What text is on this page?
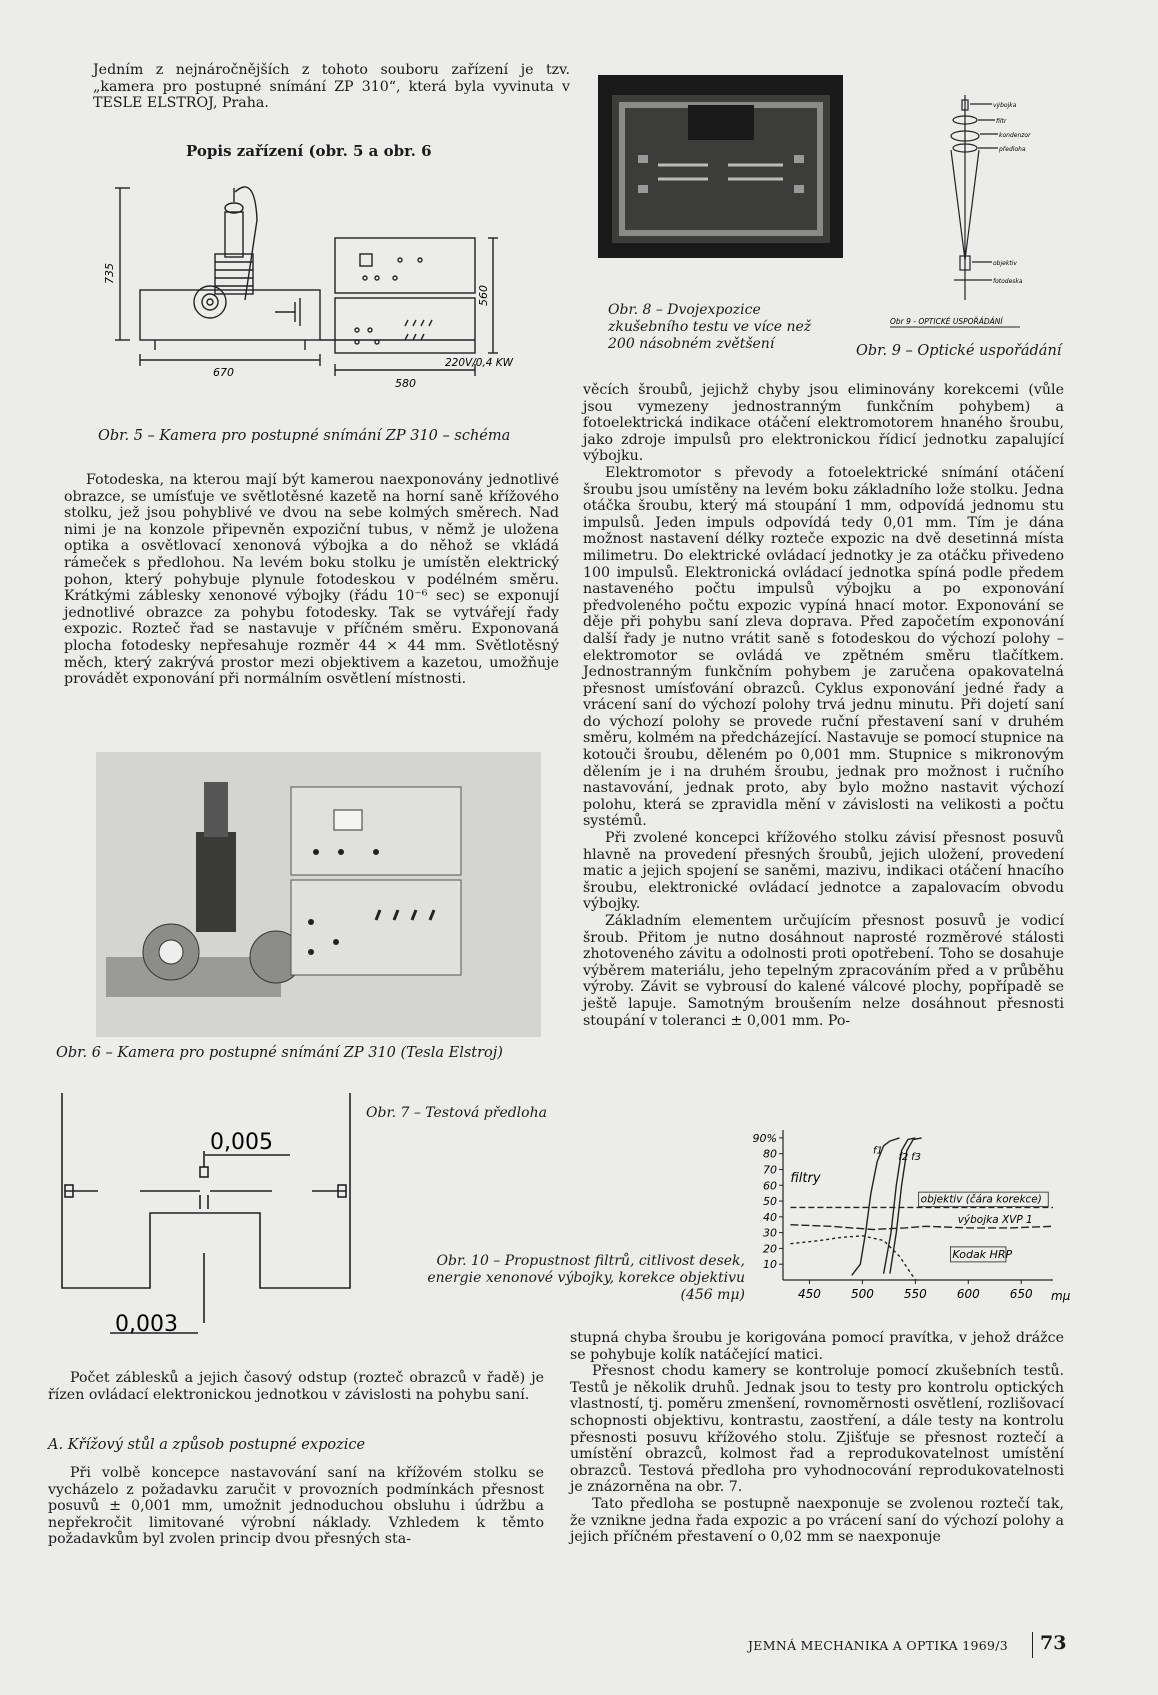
Jedním z nejnáročnějších z tohoto souboru zařízení je tzv. „kamera pro postupné snímání ZP 310“, která byla vyvinuta v TESLE ELSTROJ, Praha.

Popis zařízení (obr. 5 a obr. 6
735
560
670
580
220V/0,4 KW
Obr. 5 – Kamera pro postupné snímání ZP 310 – schéma

Fotodeska, na kterou mají být kamerou naexponovány jednotlivé obrazce, se umísťuje ve světlotěsné kazetě na horní saně křížového stolku, jež jsou pohyblivé ve dvou na sebe kolmých směrech. Nad nimi je na konzole připevněn expoziční tubus, v němž je uložena optika a osvětlovací xenonová výbojka a do něhož se vkládá rámeček s předlohou. Na levém boku stolku je umístěn elektrický pohon, který pohybuje plynule fotodeskou v podélném směru. Krátkými záblesky xenonové výbojky (řádu 10⁻⁶ sec) se exponují jednotlivé obrazce za pohybu fotodesky. Tak se vytvářejí řady expozic. Rozteč řad se nastavuje v příčném směru. Exponovaná plocha fotodesky nepřesahuje rozměr 44 × 44 mm. Světlotěsný měch, který zakrývá prostor mezi objektivem a kazetou, umožňuje provádět exponování při normálním osvětlení místnosti.

Obr. 6 – Kamera pro postupné snímání ZP 310 (Tesla Elstroj)
0,005
0,003
Obr. 7 – Testová předloha

Počet záblesků a jejich časový odstup (rozteč obrazců v řadě) je řízen ovládací elektronickou jednotkou v závislosti na pohybu saní.

A. Křížový stůl a způsob postupné expozice

Při volbě koncepce nastavování saní na křížovém stolku se vycházelo z požadavku zaručit v provozních podmínkách přesnost posuvů ± 0,001 mm, umožnit jednoduchou obsluhu i údržbu a nepřekročit limitované výrobní náklady. Vzhledem k těmto požadavkům byl zvolen princip dvou přesných sta-

Obr. 8 – Dvojexpozice zkušebního testu ve více než 200 násobném zvětšení
výbojka
filtr
kondenzor
předloha
objektiv
fotodeska
Obr 9 - OPTICKÉ USPOŘÁDÁNÍ
Obr. 9 – Optické uspořádání

věcích šroubů, jejichž chyby jsou eliminovány korekcemi (vůle jsou vymezeny jednostranným funkčním pohybem) a fotoelektrická indikace otáčení elektromotorem hnaného šroubu, jako zdroje impulsů pro elektronickou řídicí jednotku zapalující výbojku.

Elektromotor s převody a fotoelektrické snímání otáčení šroubu jsou umístěny na levém boku základního lože stolku. Jedna otáčka šroubu, který má stoupání 1 mm, odpovídá jednomu stu impulsů. Jeden impuls odpovídá tedy 0,01 mm. Tím je dána možnost nastavení délky rozteče expozic na dvě desetinná místa milimetru. Do elektrické ovládací jednotky je za otáčku přivedeno 100 impulsů. Elektronická ovládací jednotka spíná podle předem nastaveného počtu impulsů výbojku a po exponování předvoleného počtu expozic vypíná hnací motor. Exponování se děje při pohybu saní zleva doprava. Před započetím exponování další řady je nutno vrátit saně s fotodeskou do výchozí polohy – elektromotor se ovládá ve zpětném směru tlačítkem. Jednostranným funkčním pohybem je zaručena opakovatelná přesnost umísťování obrazců. Cyklus exponování jedné řady a vrácení saní do výchozí polohy trvá jednu minutu. Při dojetí saní do výchozí polohy se provede ruční přestavení saní v druhém směru, kolmém na předcházející. Nastavuje se pomocí stupnice na kotouči šroubu, děleném po 0,001 mm. Stupnice s mikronovým dělením je i na druhém šroubu, jednak pro možnost i ručního nastavování, jednak proto, aby bylo možno nastavit výchozí polohu, která se zpravidla mění v závislosti na velikosti a počtu systémů.

Při zvolené koncepci křížového stolku závisí přesnost posuvů hlavně na provedení přesných šroubů, jejich uložení, provedení matic a jejich spojení se saněmi, mazivu, indikaci otáčení hnacího šroubu, elektronické ovládací jednotce a zapalovacím obvodu výbojky.

Základním elementem určujícím přesnost posuvů je vodicí šroub. Přitom je nutno dosáhnout naprosté rozměrové stálosti zhotoveného závitu a odolnosti proti opotřebení. Toho se dosahuje výběrem materiálu, jeho tepelným zpracováním před a v průběhu výroby. Závit se vybrousí do kalené válcové plochy, popřípadě se ještě lapuje. Samotným broušením nelze dosáhnout přesnosti stoupání v toleranci ± 0,001 mm. Po-

90%
80
70
60
50
40
30
20
10
450	500	550	600	650 mμ
filtry
f1
f2 f3
objektiv (čára korekce)
výbojka XVP 1
Kodak HRP
Obr. 10 – Propustnost filtrů, citlivost desek, energie xenonové výbojky, korekce objektivu (456 mμ)

stupná chyba šroubu je korigována pomocí pravítka, v jehož drážce se pohybuje kolík natáčející matici.

Přesnost chodu kamery se kontroluje pomocí zkušebních testů. Testů je několik druhů. Jednak jsou to testy pro kontrolu optických vlastností, tj. poměru zmenšení, rovnoměrnosti osvětlení, rozlišovací schopnosti objektivu, kontrastu, zaostření, a dále testy na kontrolu přesnosti posuvu křížového stolu. Zjišťuje se přesnost roztečí a umístění obrazců, kolmost řad a reprodukovatelnost umístění obrazců. Testová předloha pro vyhodnocování reprodukovatelnosti je znázorněna na obr. 7.

Tato předloha se postupně naexponuje se zvolenou roztečí tak, že vznikne jedna řada expozic a po vrácení saní do výchozí polohy a jejich příčném přestavení o 0,02 mm se naexponuje

JEMNÁ MECHANIKA A OPTIKA 1969/3 73
